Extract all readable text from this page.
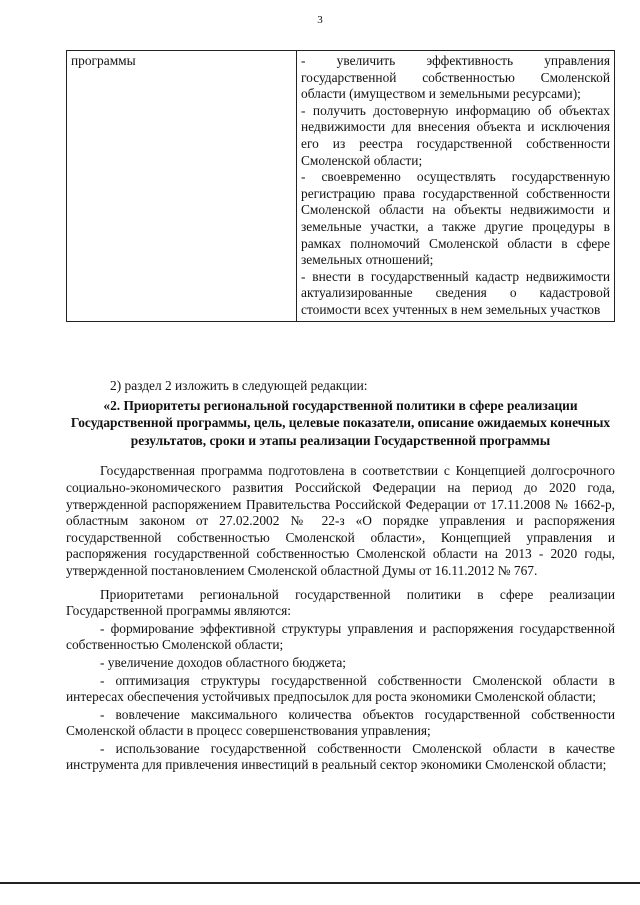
3
программы	- увеличить эффективность управления государственной собственностью Смоленской области (имуществом и земельными ресурсами);

- получить достоверную информацию об объектах недвижимости для внесения объекта и исключения его из реестра государственной собственности Смоленской области;

- своевременно осуществлять государственную регистрацию права государственной собственности Смоленской области на объекты недвижимости и земельные участки, а также другие процедуры в рамках полномочий Смоленской области в сфере земельных отношений;

- внести в государственный кадастр недвижимости актуализированные сведения о кадастровой стоимости всех учтенных в нем земельных участков

2) раздел 2 изложить в следующей редакции:

«2. Приоритеты региональной государственной политики в сфере реализации Государственной программы, цель, целевые показатели, описание ожидаемых конечных результатов, сроки и этапы реализации Государственной программы

Государственная программа подготовлена в соответствии с Концепцией долгосрочного социально-экономического развития Российской Федерации на период до 2020 года, утвержденной распоряжением Правительства Российской Федерации от 17.11.2008 № 1662-р, областным законом от 27.02.2002 № 22-з «О порядке управления и распоряжения государственной собственностью Смоленской области», Концепцией управления и распоряжения государственной собственностью Смоленской области на 2013 - 2020 годы, утвержденной постановлением Смоленской областной Думы от 16.11.2012 № 767.

Приоритетами региональной государственной политики в сфере реализации Государственной программы являются:

- формирование эффективной структуры управления и распоряжения государственной собственностью Смоленской области;

- увеличение доходов областного бюджета;

- оптимизация структуры государственной собственности Смоленской области в интересах обеспечения устойчивых предпосылок для роста экономики Смоленской области;

- вовлечение максимального количества объектов государственной собственности Смоленской области в процесс совершенствования управления;

- использование государственной собственности Смоленской области в качестве инструмента для привлечения инвестиций в реальный сектор экономики Смоленской области;
